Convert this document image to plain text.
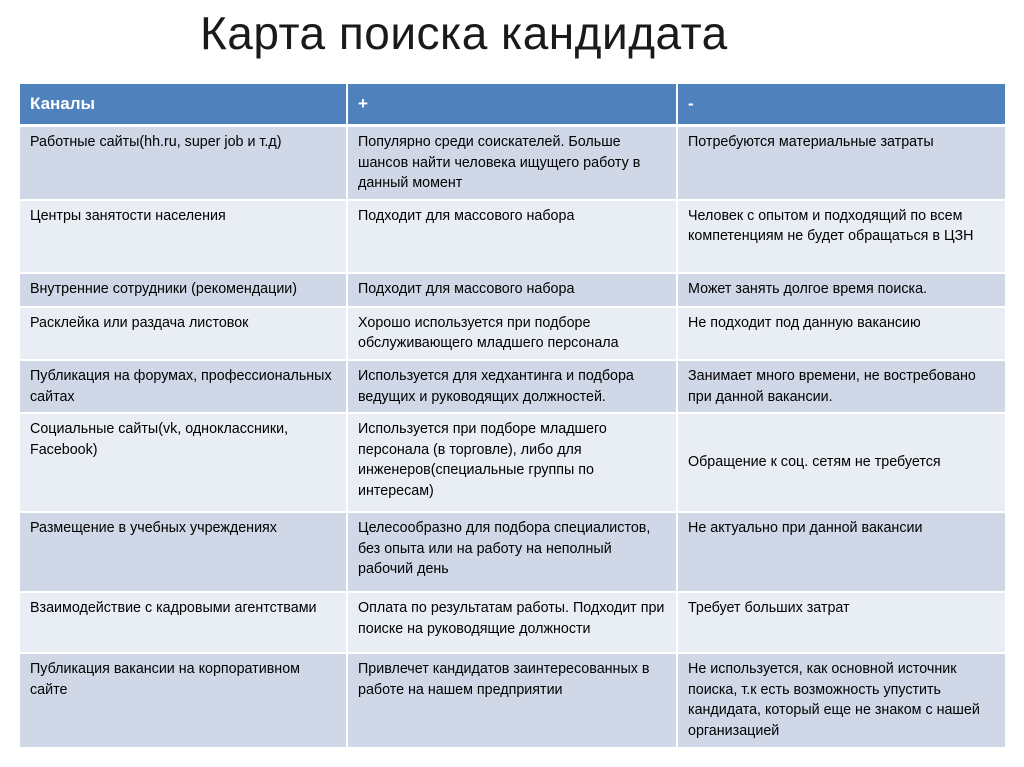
Карта поиска кандидата
Каналы	+	-
Работные сайты(hh.ru, super job и т.д)	Популярно среди соискателей. Больше шансов найти человека ищущего работу в данный момент	Потребуются материальные затраты
Центры занятости населения	Подходит для массового набора	Человек с опытом и подходящий по всем компетенциям не будет обращаться в ЦЗН
Внутренние сотрудники (рекомендации)	Подходит для массового набора	Может занять долгое время поиска.
Расклейка или раздача листовок	Хорошо используется при подборе обслуживающего младшего персонала	Не подходит под данную вакансию
Публикация на форумах, профессиональных сайтах	Используется для хедхантинга и подбора ведущих и руководящих должностей.	Занимает много времени, не востребовано при данной вакансии.
Социальные сайты(vk, одноклассники, Facebook)	Используется при подборе младшего персонала (в торговле), либо для инженеров(специальные группы по интересам)	Обращение к соц. сетям не требуется
Размещение в учебных учреждениях	Целесообразно для подбора специалистов, без опыта или на работу на неполный рабочий день	Не актуально при данной вакансии
Взаимодействие с кадровыми агентствами	Оплата по результатам работы. Подходит при поиске на руководящие должности	Требует больших затрат
Публикация вакансии на корпоративном сайте	Привлечет кандидатов заинтересованных в работе на нашем предприятии	Не используется, как основной источник поиска, т.к есть возможность упустить кандидата, который еще не знаком с нашей организацией
